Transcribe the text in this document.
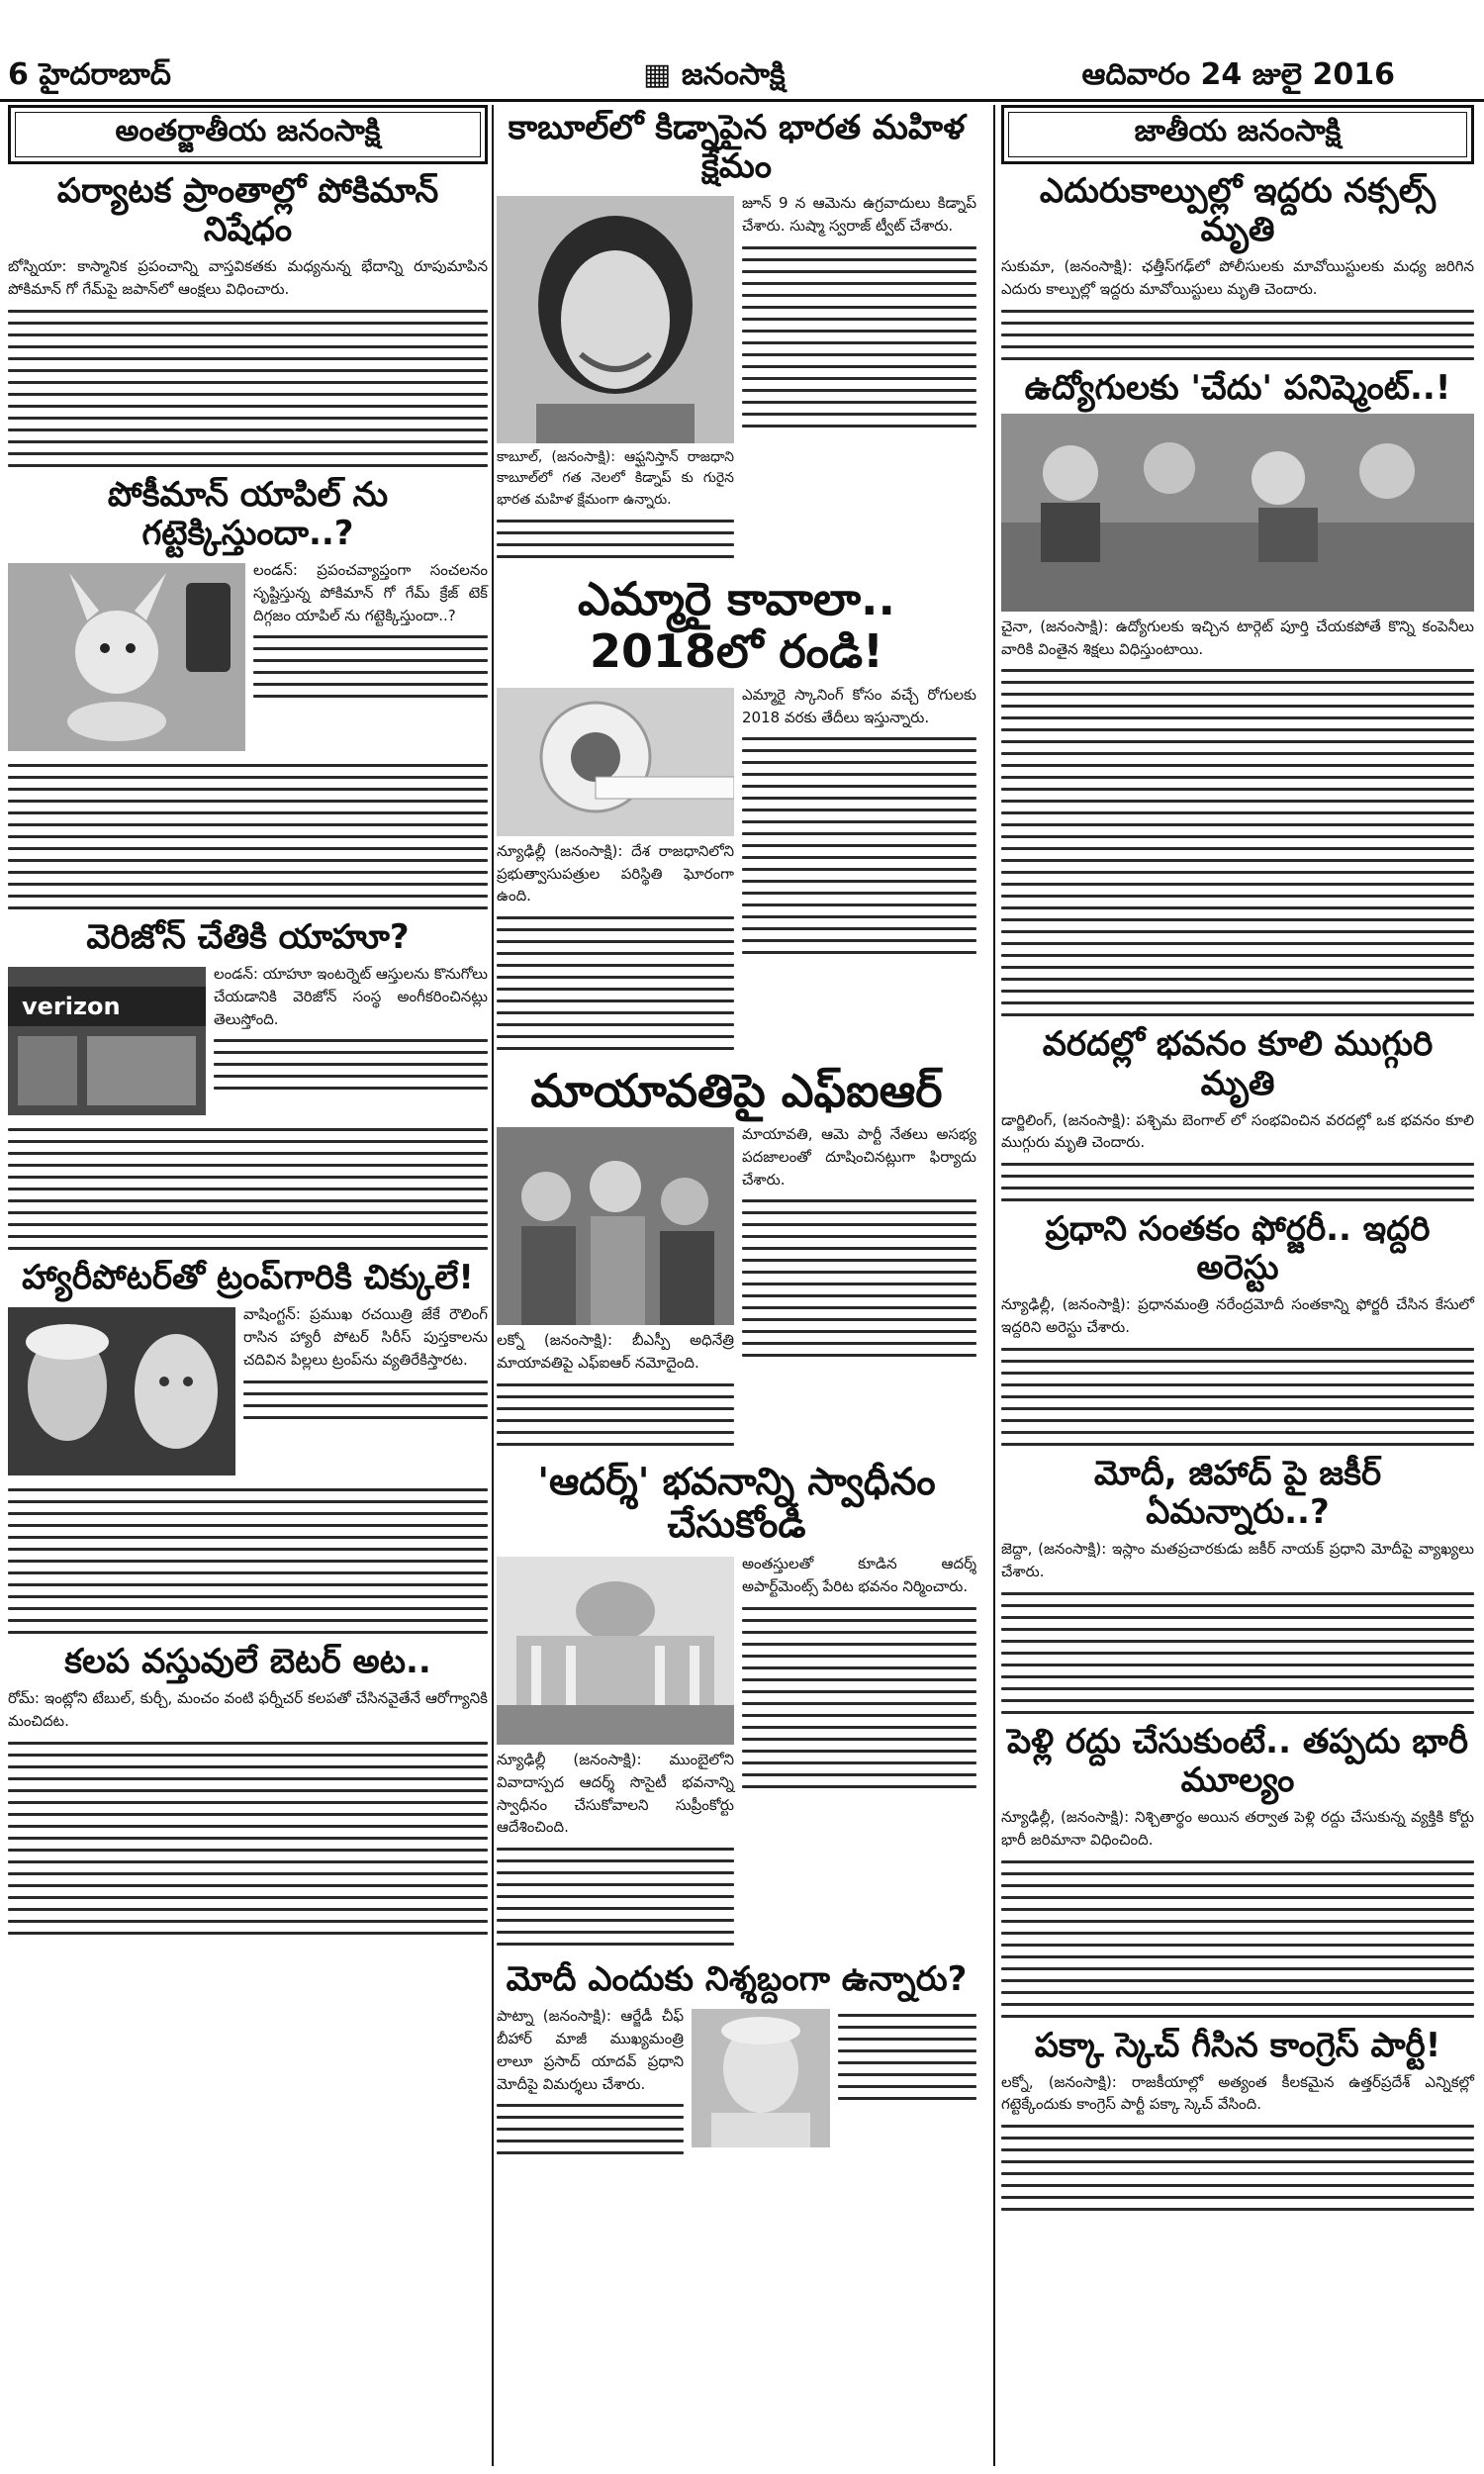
6 హైదరాబాద్	▦ జనంసాక్షి	ఆదివారం 24 జులై 2016
అంతర్జాతీయ జనంసాక్షి
పర్యాటక ప్రాంతాల్లో పోకిమాన్ నిషేధం
బోస్నియా: కాస్మానిక ప్రపంచాన్ని వాస్తవికతకు మధ్యనున్న భేదాన్ని రూపుమాపిన పోకిమాన్ గో గేమ్‌పై జపాన్‌లో ఆంక్షలు విధించారు.
పోకీమాన్ యాపిల్ ను గట్టెక్కిస్తుందా..?
లండన్: ప్రపంచవ్యాప్తంగా సంచలనం సృష్టిస్తున్న పోకిమాన్ గో గేమ్ క్రేజ్ టెక్ దిగ్గజం యాపిల్ ను గట్టెక్కిస్తుందా..?
వెరిజోన్ చేతికి యాహూ?
verizon
లండన్: యాహూ ఇంటర్నెట్ ఆస్తులను కొనుగోలు చేయడానికి వెరిజోన్ సంస్థ అంగీకరించినట్లు తెలుస్తోంది.
హ్యారీపోటర్‌తో ట్రంప్‌గారికి చిక్కులే!
వాషింగ్టన్: ప్రముఖ రచయిత్రి జేకే రౌలింగ్ రాసిన హ్యారీ పోటర్ సిరీస్ పుస్తకాలను చదివిన పిల్లలు ట్రంప్‌ను వ్యతిరేకిస్తారట.
కలప వస్తువులే బెటర్ అట..
రోమ్: ఇంట్లోని టేబుల్, కుర్చీ, మంచం వంటి ఫర్నీచర్ కలపతో చేసినవైతేనే ఆరోగ్యానికి మంచిదట.
కాబూల్‌లో కిడ్నాపైన భారత మహిళ క్షేమం
కాబూల్, (జనంసాక్షి): ఆఫ్ఘనిస్తాన్ రాజధాని కాబూల్‌లో గత నెలలో కిడ్నాప్ కు గురైన భారత మహిళ క్షేమంగా ఉన్నారు.
జూన్ 9 న ఆమెను ఉగ్రవాదులు కిడ్నాప్ చేశారు. సుష్మా స్వరాజ్ ట్వీట్ చేశారు.
ఎమ్మారై కావాలా.. 2018లో రండి!
న్యూఢిల్లీ (జనంసాక్షి): దేశ రాజధానిలోని ప్రభుత్వాసుపత్రుల పరిస్థితి ఘోరంగా ఉంది.
ఎమ్మారై స్కానింగ్ కోసం వచ్చే రోగులకు 2018 వరకు తేదీలు ఇస్తున్నారు.
మాయావతిపై ఎఫ్ఐఆర్
లక్నో (జనంసాక్షి): బీఎస్పీ అధినేత్రి మాయావతిపై ఎఫ్ఐఆర్ నమోదైంది.
మాయావతి, ఆమె పార్టీ నేతలు అసభ్య పదజాలంతో దూషించినట్లుగా ఫిర్యాదు చేశారు.
'ఆదర్శ్' భవనాన్ని స్వాధీనం చేసుకోండి
న్యూఢిల్లీ (జనంసాక్షి): ముంబైలోని వివాదాస్పద ఆదర్శ్ సొసైటీ భవనాన్ని స్వాధీనం చేసుకోవాలని సుప్రీంకోర్టు ఆదేశించింది.
అంతస్తులతో కూడిన ఆదర్శ్ అపార్ట్‌మెంట్స్ పేరిట భవనం నిర్మించారు.
మోదీ ఎందుకు నిశ్శబ్దంగా ఉన్నారు?
పాట్నా (జనంసాక్షి): ఆర్జేడీ చీఫ్ బీహార్ మాజీ ముఖ్యమంత్రి లాలూ ప్రసాద్ యాదవ్ ప్రధాని మోదీపై విమర్శలు చేశారు.
జాతీయ జనంసాక్షి
ఎదురుకాల్పుల్లో ఇద్దరు నక్సల్స్ మృతి
సుకుమా, (జనంసాక్షి): ఛత్తీస్‌గఢ్‌లో పోలీసులకు మావోయిస్టులకు మధ్య జరిగిన ఎదురు కాల్పుల్లో ఇద్దరు మావోయిస్టులు మృతి చెందారు.
ఉద్యోగులకు 'చేదు' పనిష్మెంట్..!
చైనా, (జనంసాక్షి): ఉద్యోగులకు ఇచ్చిన టార్గెట్ పూర్తి చేయకపోతే కొన్ని కంపెనీలు వారికి వింతైన శిక్షలు విధిస్తుంటాయి.
వరదల్లో భవనం కూలి ముగ్గురి మృతి
డార్జిలింగ్, (జనంసాక్షి): పశ్చిమ బెంగాల్ లో సంభవించిన వరదల్లో ఒక భవనం కూలి ముగ్గురు మృతి చెందారు.
ప్రధాని సంతకం ఫోర్జరీ.. ఇద్దరి అరెస్టు
న్యూఢిల్లీ, (జనంసాక్షి): ప్రధానమంత్రి నరేంద్రమోదీ సంతకాన్ని ఫోర్జరీ చేసిన కేసులో ఇద్దరిని అరెస్టు చేశారు.
మోదీ, జిహాద్ పై జకీర్ ఏమన్నారు..?
జెద్దా, (జనంసాక్షి): ఇస్లాం మతప్రచారకుడు జకీర్ నాయక్ ప్రధాని మోదీపై వ్యాఖ్యలు చేశారు.
పెళ్లి రద్దు చేసుకుంటే.. తప్పదు భారీ మూల్యం
న్యూఢిల్లీ, (జనంసాక్షి): నిశ్చితార్థం అయిన తర్వాత పెళ్లి రద్దు చేసుకున్న వ్యక్తికి కోర్టు భారీ జరిమానా విధించింది.
పక్కా స్కెచ్ గీసిన కాంగ్రెస్ పార్టీ!
లక్నో, (జనంసాక్షి): రాజకీయాల్లో అత్యంత కీలకమైన ఉత్తర్‌ప్రదేశ్ ఎన్నికల్లో గట్టెక్కేందుకు కాంగ్రెస్ పార్టీ పక్కా స్కెచ్ వేసింది.
